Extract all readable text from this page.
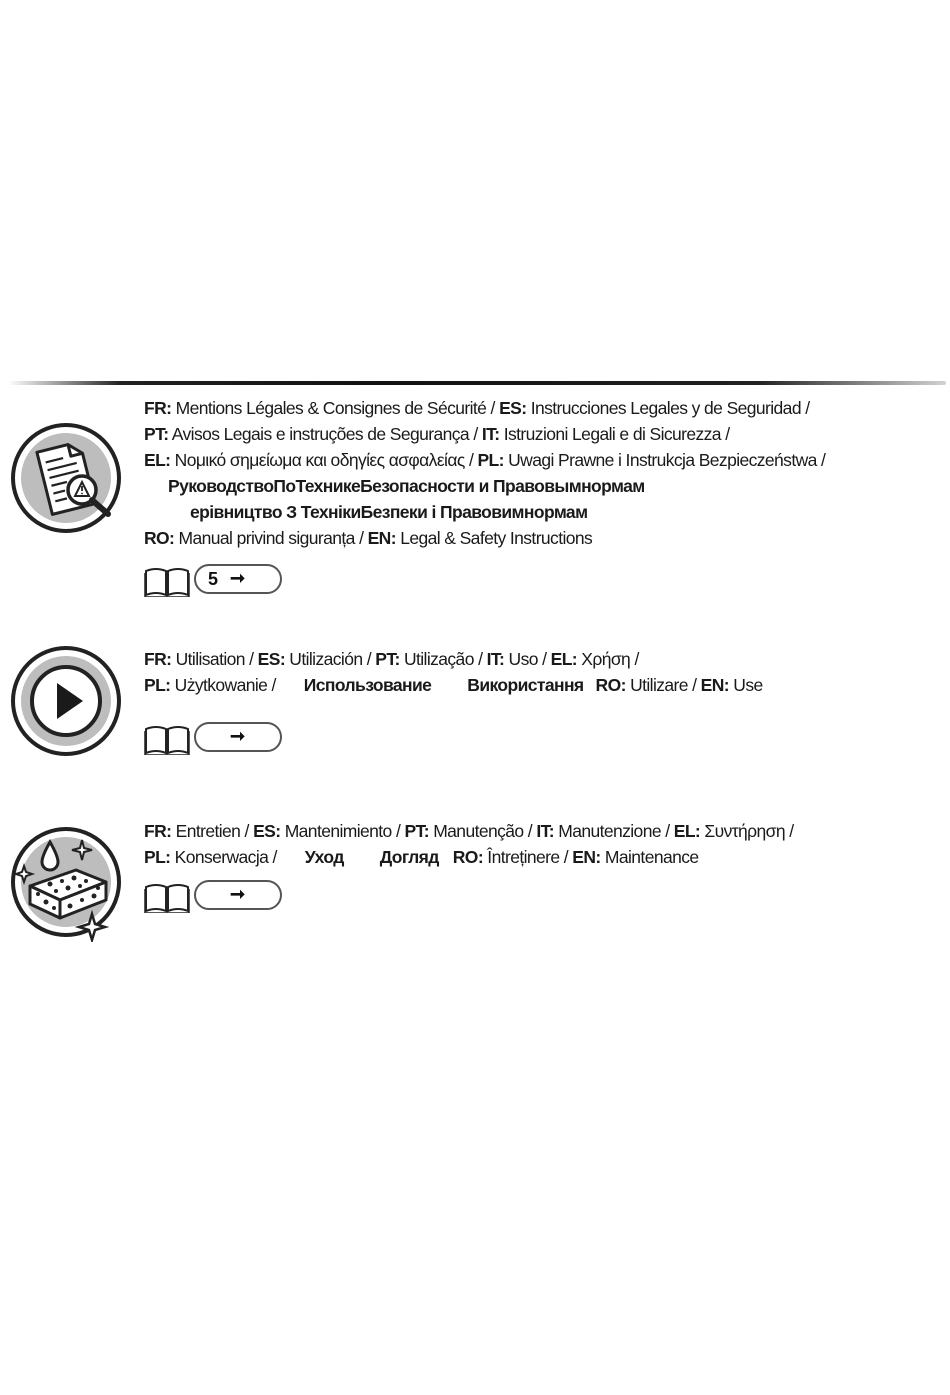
FR: Mentions Légales & Consignes de Sécurité / ES: Instrucciones Legales y de Seguridad /
PT: Avisos Legais e instruções de Segurança / IT: Istruzioni Legali e di Sicurezza /
EL: Νομικό σημείωμα και οδηγίες ασφαλείας / PL: Uwagi Prawne i Instrukcja Bezpieczeństwa /
РуководствоПоТехникеБезопасности и Правовымнормам
ерівництво З ТехнікиБезпеки і Правовимнормам
RO: Manual privind siguranța / EN: Legal & Safety Instructions
5 ➞
FR: Utilisation / ES: Utilización / PT: Utilização / IT: Uso / EL: Χρήση /
PL: Użytkowanie / Использование Використання RO: Utilizare / EN: Use
➞
FR: Entretien / ES: Mantenimiento / PT: Manutenção / IT: Manutenzione / EL: Συντήρηση /
PL: Konserwacja / Уход Догляд RO: Întreținere / EN: Maintenance
➞
